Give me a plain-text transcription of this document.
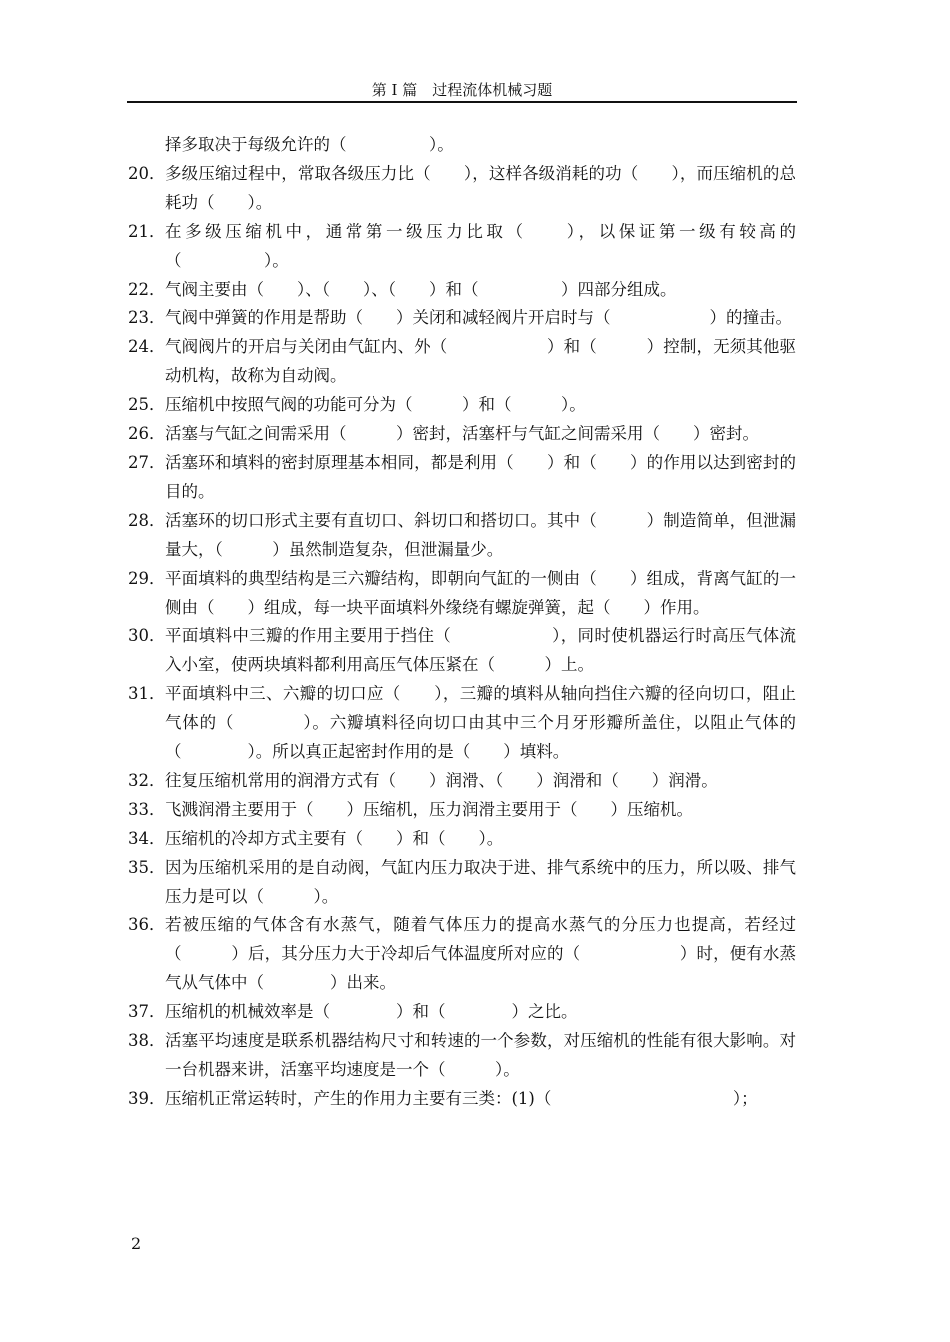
第 I 篇　过程流体机械习题
择多取决于每级允许的（　　　　　）。
20． 多级压缩过程中，常取各级压力比（　　），这样各级消耗的功（　　），而压缩机的总耗功（　　）。
21． 在多级压缩机中，通常第一级压力比取（　　），以保证第一级有较高的（　　　　　）。
22． 气阀主要由（　　）、（　　）、（　　）和（　　　　　）四部分组成。
23． 气阀中弹簧的作用是帮助（　　）关闭和减轻阀片开启时与（　　　　　　）的撞击。
24． 气阀阀片的开启与关闭由气缸内、外（　　　　　　）和（　　　）控制，无须其他驱动机构，故称为自动阀。
25． 压缩机中按照气阀的功能可分为（　　　）和（　　　）。
26． 活塞与气缸之间需采用（　　　）密封，活塞杆与气缸之间需采用（　　）密封。
27． 活塞环和填料的密封原理基本相同，都是利用（　　）和（　　）的作用以达到密封的目的。
28． 活塞环的切口形式主要有直切口、斜切口和搭切口。其中（　　　）制造简单，但泄漏量大，（　　　）虽然制造复杂，但泄漏量少。
29． 平面填料的典型结构是三六瓣结构，即朝向气缸的一侧由（　　）组成，背离气缸的一侧由（　　）组成，每一块平面填料外缘绕有螺旋弹簧，起（　　）作用。
30． 平面填料中三瓣的作用主要用于挡住（　　　　　　），同时使机器运行时高压气体流入小室，使两块填料都利用高压气体压紧在（　　　）上。
31． 平面填料中三、六瓣的切口应（　　），三瓣的填料从轴向挡住六瓣的径向切口，阻止气体的（　　　　）。六瓣填料径向切口由其中三个月牙形瓣所盖住，以阻止气体的（　　　　）。所以真正起密封作用的是（　　）填料。
32． 往复压缩机常用的润滑方式有（　　）润滑、（　　）润滑和（　　）润滑。
33． 飞溅润滑主要用于（　　）压缩机，压力润滑主要用于（　　）压缩机。
34． 压缩机的冷却方式主要有（　　）和（　　）。
35． 因为压缩机采用的是自动阀，气缸内压力取决于进、排气系统中的压力，所以吸、排气压力是可以（　　　）。
36． 若被压缩的气体含有水蒸气，随着气体压力的提高水蒸气的分压力也提高，若经过（　　　）后，其分压力大于冷却后气体温度所对应的（　　　　　　）时，便有水蒸气从气体中（　　　　）出来。
37． 压缩机的机械效率是（　　　　）和（　　　　）之比。
38． 活塞平均速度是联系机器结构尺寸和转速的一个参数，对压缩机的性能有很大影响。对一台机器来讲，活塞平均速度是一个（　　　）。
39． 压缩机正常运转时，产生的作用力主要有三类：(1)（　　　　　　　　　　　）；
2
